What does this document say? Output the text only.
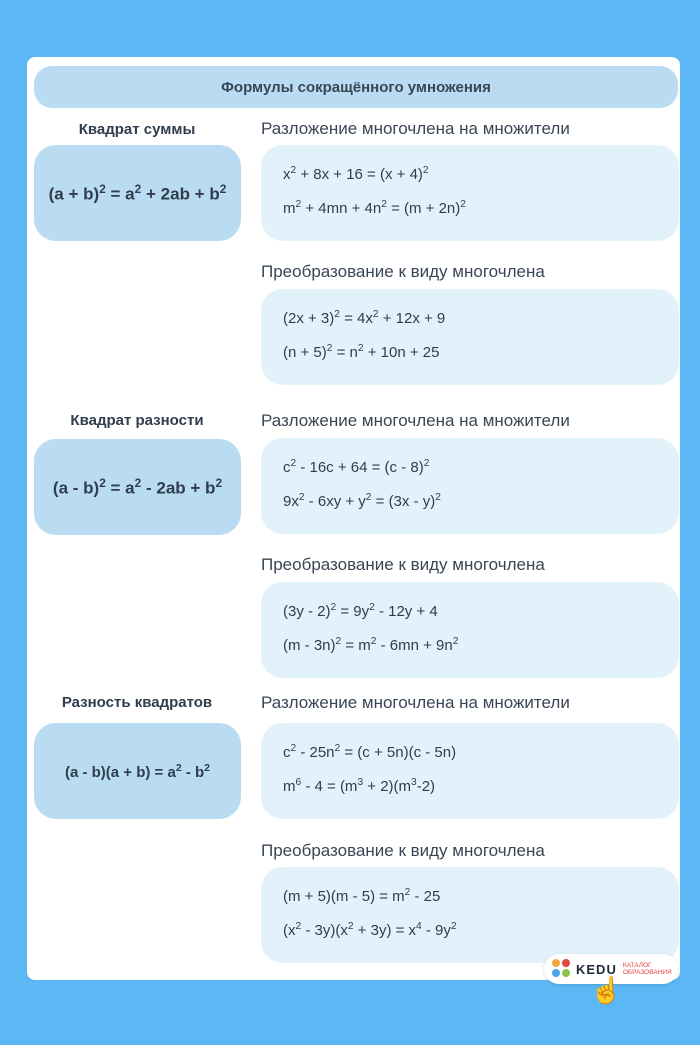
Формулы сокращённого умножения
Квадрат суммы
$(a + b)^2 = a^2 + 2ab + b^2$
Разложение многочлена на множители
$x^2 + 8x + 16 = (x + 4)^2$
$m^2 + 4mn + 4n^2 = (m + 2n)^2$
Преобразование к виду многочлена
$(2x + 3)^2 = 4x^2 + 12x + 9$
$(n + 5)^2 = n^2 + 10n + 25$
Квадрат разности
$(a - b)^2 = a^2 - 2ab + b^2$
Разложение многочлена на множители
$c^2 - 16c + 64 = (c - 8)^2$
$9x^2 - 6xy + y^2 = (3x - y)^2$
Преобразование к виду многочлена
$(3y - 2)^2 = 9y^2 - 12y + 4$
$(m - 3n)^2 = m^2 - 6mn + 9n^2$
Разность квадратов
$(a - b)(a + b) = a^2 - b^2$
Разложение многочлена на множители
$c^2 - 25n^2 = (c + 5n)(c - 5n)$
$m^6 - 4 = (m^3 + 2)(m^3-2)$
Преобразование к виду многочлена
$(m + 5)(m - 5) = m^2 - 25$
$(x^2 - 3y)(x^2 + 3y) = x^4 - 9y^2$
KEDU КАТАЛОГ
ОБРАЗОВАНИЯ
☝
